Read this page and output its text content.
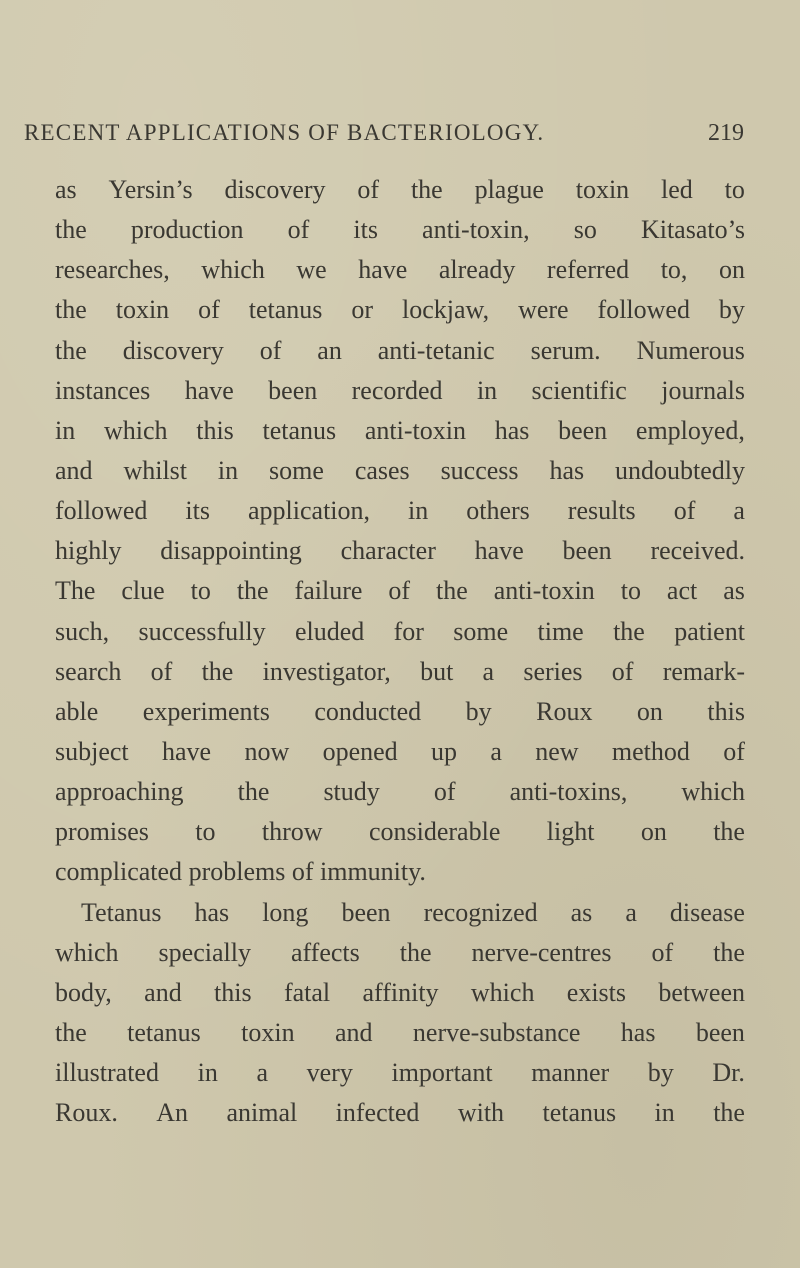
RECENT APPLICATIONS OF BACTERIOLOGY.	219
as Yersin’s discovery of the plague toxin led to
the production of its anti-toxin, so Kitasato’s
researches, which we have already referred to, on
the toxin of tetanus or lockjaw, were followed by
the discovery of an anti-tetanic serum. Numerous
instances have been recorded in scientific journals
in which this tetanus anti-toxin has been employed,
and whilst in some cases success has undoubtedly
followed its application, in others results of a
highly disappointing character have been received.
The clue to the failure of the anti-toxin to act as
such, successfully eluded for some time the patient
search of the investigator, but a series of remark-
able experiments conducted by Roux on this
subject have now opened up a new method of
approaching the study of anti-toxins, which
promises to throw considerable light on the
complicated problems of immunity.
Tetanus has long been recognized as a disease
which specially affects the nerve-centres of the
body, and this fatal affinity which exists between
the tetanus toxin and nerve-substance has been
illustrated in a very important manner by Dr.
Roux. An animal infected with tetanus in the
